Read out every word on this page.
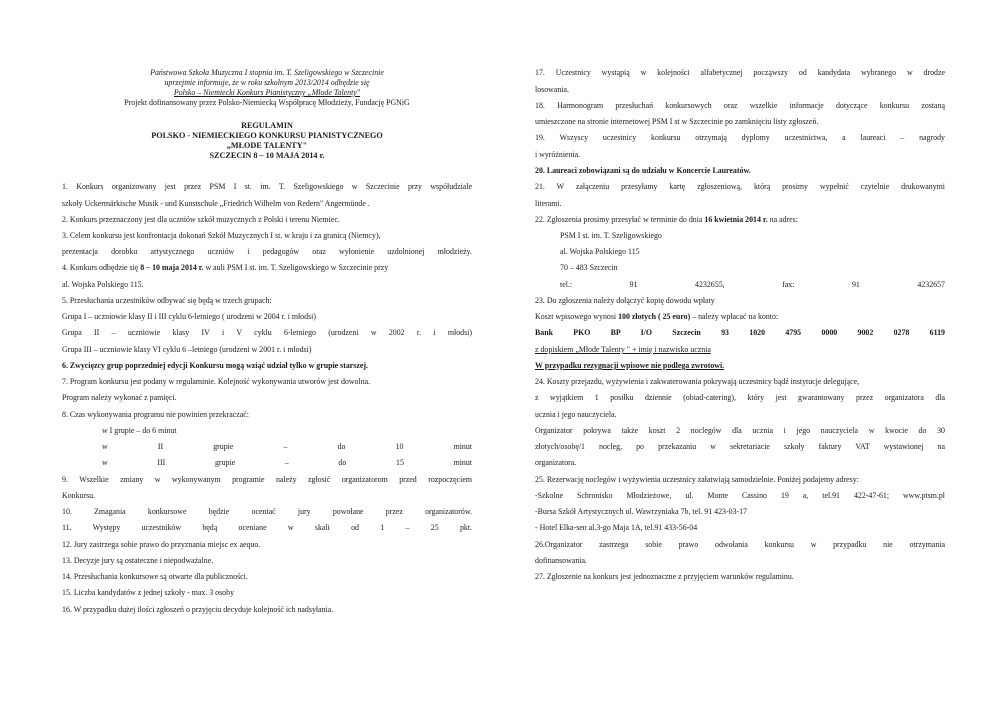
Państwowa Szkoła Muzyczna I stopnia im. T. Szeligowskiego w Szczecinie
uprzejmie informuje, że w roku szkolnym 2013/2014 odbędzie się
Polsko – Niemiecki Konkurs Pianistyczny „Młode Talenty"
Projekt dofinansowany przez Polsko-Niemiecką Współpracę Młodzieży, Fundację PGNiG
REGULAMIN
POLSKO - NIEMIECKIEGO KONKURSU PIANISTYCZNEGO
„MŁODE TALENTY"
SZCZECIN 8 – 10 MAJA 2014 r.
1. Konkurs organizowany jest przez PSM I st. im. T. Szeligowskiego w Szczecinie przy współudziale
szkoły Uckermärkische Musik - und Kunstschule „Friedrich Wilhelm von Redern" Angermünde .
2. Konkurs przeznaczony jest dla uczniów szkół muzycznych z Polski i terenu Niemiec.
3. Celem konkursu jest konfrontacja dokonań Szkół Muzycznych I st. w kraju i za granicą (Niemcy),
prezentacja dorobku artystycznego uczniów i pedagogów oraz wyłonienie uzdolnionej młodzieży.
4. Konkurs odbędzie się 8 – 10 maja 2014 r. w auli PSM I st. im. T. Szeligowskiego w Szczecinie przy
al. Wojska Polskiego 115.
5. Przesłuchania uczestników odbywać się będą w trzech grupach:
Grupa I – uczniowie klasy II i III cyklu 6-letniego ( urodzeni w 2004 r. i młodsi)
Grupa II – uczniowie klasy IV i V cyklu 6-letniego (urodzeni w 2002 r. i młodsi)
Grupa III – uczniowie klasy VI cyklu 6 –letniego (urodzeni w 2001 r. i młodsi)
6. Zwycięzcy grup poprzedniej edycji Konkursu mogą wziąć udział tylko w grupie starszej.
7. Program konkursu jest podany w regulaminie. Kolejność wykonywania utworów jest dowolna.
Program należy wykonać z pamięci.
8. Czas wykonywania programu nie powinien przekraczać:
w I grupie – do 6 minut
w II grupie – do 10 minut
w III grupie – do 15 minut
9. Wszelkie zmiany w wykonywanym programie należy zgłosić organizatorom przed rozpoczęciem
Konkursu.
10. Zmagania konkursowe będzie oceniać jury powołane przez organizatorów.
11. Występy uczestników będą oceniane w skali od 1 – 25 pkt.
12. Jury zastrzega sobie prawo do przyznania miejsc ex aequo.
13. Decyzje jury są ostateczne i niepodważalne.
14. Przesłuchania konkursowe są otwarte dla publiczności.
15. Liczba kandydatów z jednej szkoły - max. 3 osoby
16. W przypadku dużej ilości zgłoszeń o przyjęciu decyduje kolejność ich nadsyłania.
17. Uczestnicy wystąpią w kolejności alfabetycznej począwszy od kandydata wybranego w drodze
losowania.
18. Harmonogram przesłuchań konkursowych oraz wszelkie informacje dotyczące konkursu zostaną
umieszczone na stronie internetowej PSM I st w Szczecinie po zamknięciu listy zgłoszeń.
19. Wszyscy uczestnicy konkursu otrzymają dyplomy uczestnictwa, a laureaci – nagrody
i wyróżnienia.
20. Laureaci zobowiązani są do udziału w Koncercie Laureatów.
21. W załączeniu przesyłamy kartę zgłoszeniową, którą prosimy wypełnić czytelnie drukowanymi
literami.
22. Zgłoszenia prosimy przesyłać w terminie do dnia 16 kwietnia 2014 r. na adres:
PSM I st. im. T. Szeligowskiego
al. Wojska Polskiego 115
70 – 483 Szczecin
tel.: 91 4232655, fax: 91 4232657
23. Do zgłoszenia należy dołączyć kopię dowodu wpłaty
Koszt wpisowego wynosi 100 złotych ( 25 euro) – należy wpłacać na konto:
Bank PKO BP I/O Szczecin 93 1020 4795 0000 9002 0278 6119
z dopiskiem „Młode Talenty " + imię i nazwisko ucznia
W przypadku rezygnacji wpisowe nie podlega zwrotowi.
24. Koszty przejazdu, wyżywienia i zakwaterowania pokrywają uczestnicy bądź instytucje delegujące,
z wyjątkiem 1 posiłku dziennie (obiad-catering), który jest gwarantowany przez organizatora dla
ucznia i jego nauczyciela.
Organizator pokrywa także koszt 2 noclegów dla ucznia i jego nauczyciela w kwocie do 30
złotych/osobę/1 nocleg, po przekazaniu w sekretariacie szkoły faktury VAT wystawionej na
organizatora.
25. Rezerwację noclegów i wyżywienia uczestnicy załatwiają samodzielnie. Poniżej podajemy adresy:
-Szkolne Schronisko Młodzieżowe, ul. Monte Cassino 19 a, tel.91 422-47-61; www.ptsm.pl
-Bursa Szkół Artystycznych ul. Wawrzyniaka 7b, tel. 91 423-03-17
- Hotel Elka-sen al.3-go Maja 1A, tel.91 433-56-04
26.Organizator zastrzega sobie prawo odwołania konkursu w przypadku nie otrzymania
dofinansowania.
27. Zgłoszenie na konkurs jest jednoznaczne z przyjęciem warunków regulaminu.
